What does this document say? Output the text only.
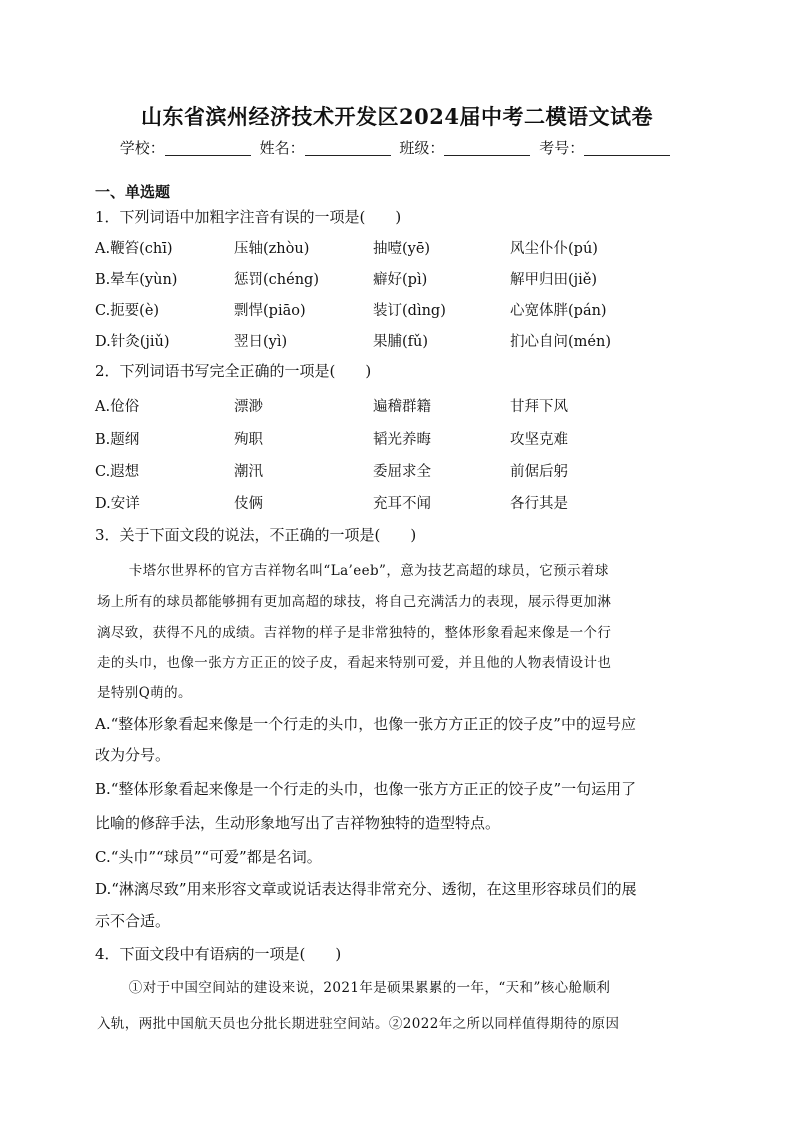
山东省滨州经济技术开发区2024届中考二模语文试卷
学校：	姓名：	班级：	考号：
一、单选题
1．下列词语中加粗字注音有误的一项是(　　)
A.鞭笞(chī)	压轴(zhòu)	抽噎(yē)	风尘仆仆(pú)
B.晕车(yùn)	惩罚(chéng)	癖好(pì)	解甲归田(jiě)
C.扼要(è)	剽悍(piāo)	装订(dìng)	心宽体胖(pán)
D.针灸(jiǔ)	翌日(yì)	果脯(fǔ)	扪心自问(mén)
2．下列词语书写完全正确的一项是(　　)
A.伧俗	漂渺	遍稽群籍	甘拜下风
B.题纲	殉职	韬光养晦	攻坚克难
C.遐想	潮汛	委屈求全	前倨后躬
D.安详	伎俩	充耳不闻	各行其是
3．关于下面文段的说法，不正确的一项是(　　)
　　卡塔尔世界杯的官方吉祥物名叫“La’eeb”，意为技艺高超的球员，它预示着球
场上所有的球员都能够拥有更加高超的球技，将自己充满活力的表现，展示得更加淋
漓尽致，获得不凡的成绩。吉祥物的样子是非常独特的，整体形象看起来像是一个行
走的头巾，也像一张方方正正的饺子皮，看起来特别可爱，并且他的人物表情设计也
是特别Q萌的。
A.“整体形象看起来像是一个行走的头巾，也像一张方方正正的饺子皮”中的逗号应
改为分号。
B.“整体形象看起来像是一个行走的头巾，也像一张方方正正的饺子皮”一句运用了
比喻的修辞手法，生动形象地写出了吉祥物独特的造型特点。
C.“头巾”“球员”“可爱”都是名词。
D.“淋漓尽致”用来形容文章或说话表达得非常充分、透彻，在这里形容球员们的展
示不合适。
4．下面文段中有语病的一项是(　　)
　　①对于中国空间站的建设来说，2021年是硕果累累的一年，“天和”核心舱顺利
入轨，两批中国航天员也分批长期进驻空间站。②2022年之所以同样值得期待的原因
